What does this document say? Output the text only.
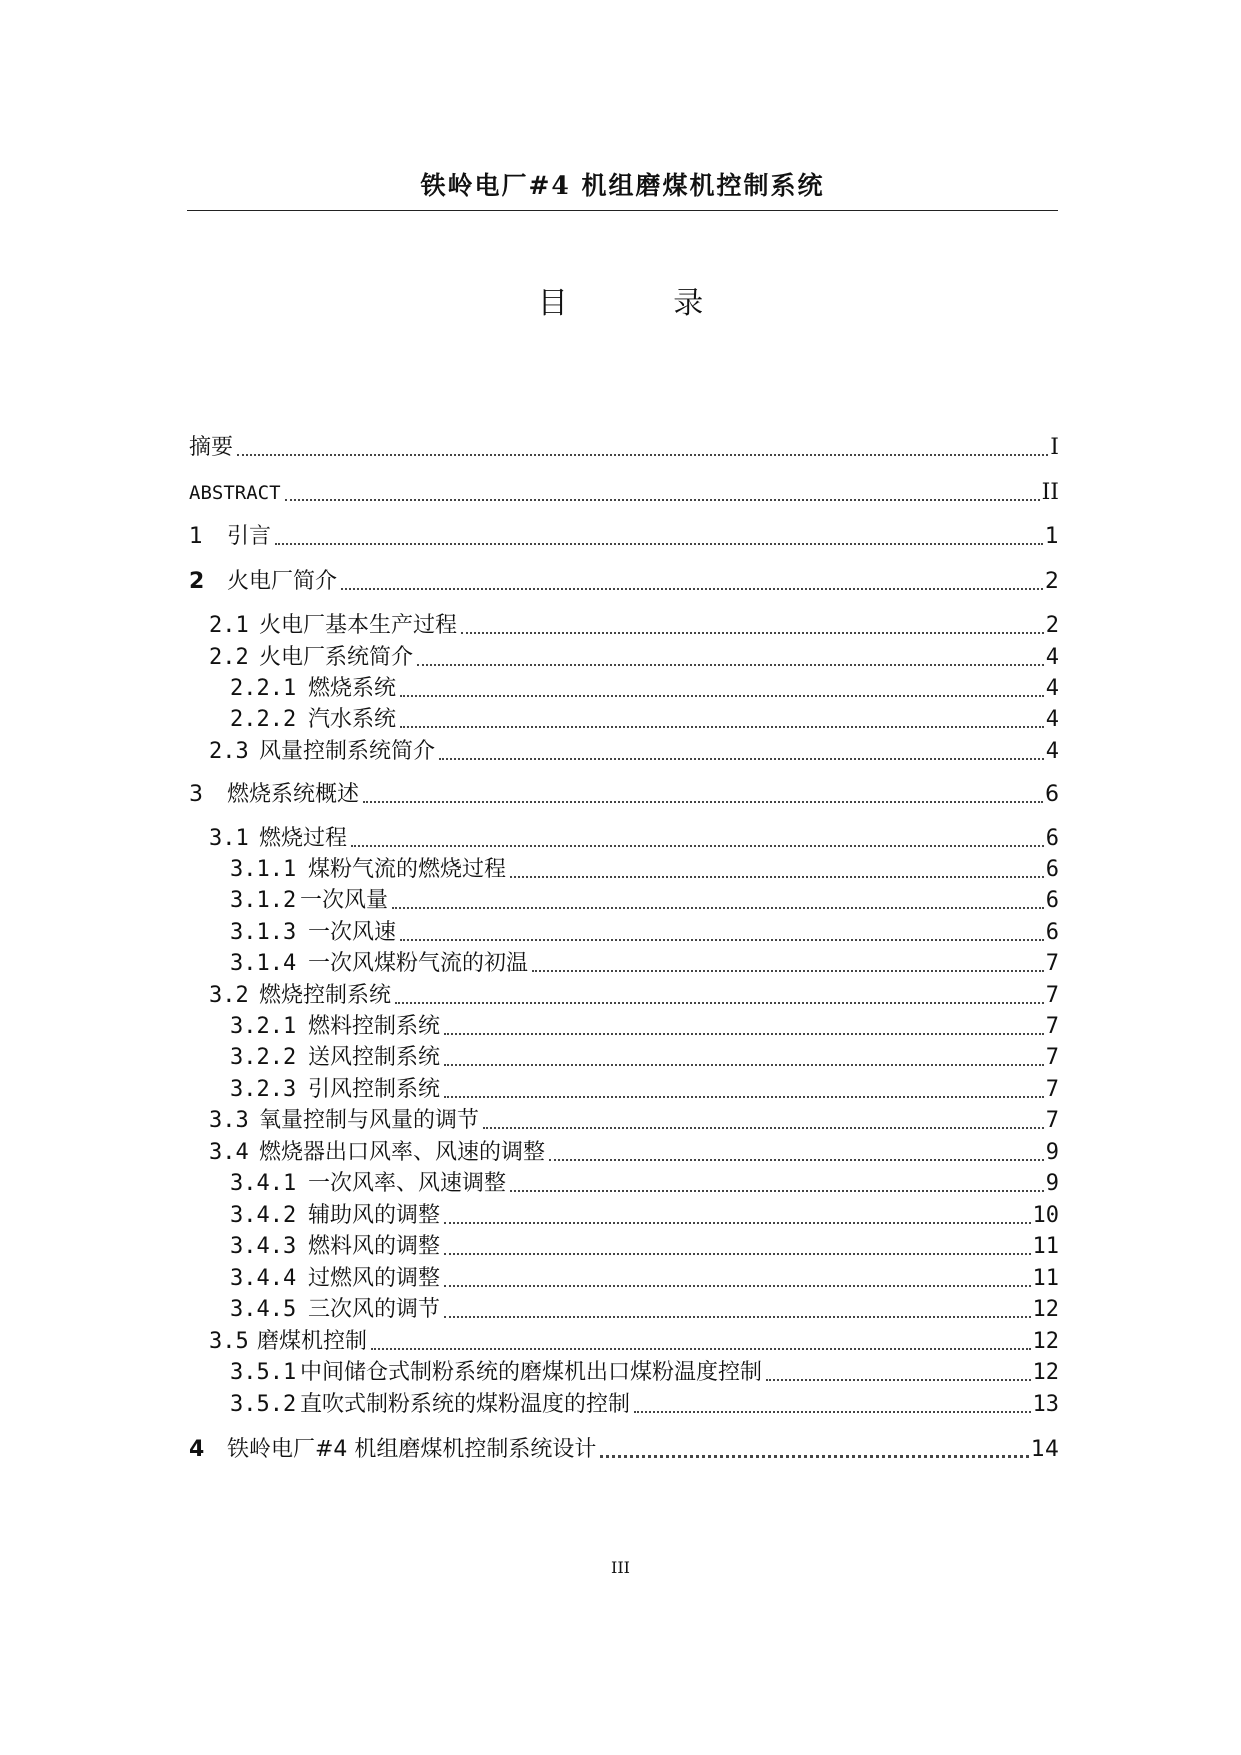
铁岭电厂#4 机组磨煤机控制系统
目 录
摘要	I
ABSTRACT	II
1	引言	1
2	火电厂简介	2
2.1 火电厂基本生产过程	2
2.2 火电厂系统简介	4
2.2.1 燃烧系统	4
2.2.2 汽水系统	4
2.3 风量控制系统简介	4
3	燃烧系统概述	6
3.1 燃烧过程	6
3.1.1 煤粉气流的燃烧过程	6
3.1.2 一次风量	6
3.1.3 一次风速	6
3.1.4 一次风煤粉气流的初温	7
3.2 燃烧控制系统	7
3.2.1 燃料控制系统	7
3.2.2 送风控制系统	7
3.2.3 引风控制系统	7
3.3 氧量控制与风量的调节	7
3.4 燃烧器出口风率、风速的调整	9
3.4.1 一次风率、风速调整	9
3.4.2 辅助风的调整	10
3.4.3 燃料风的调整	11
3.4.4 过燃风的调整	11
3.4.5 三次风的调节	12
3.5 磨煤机控制	12
3.5.1 中间储仓式制粉系统的磨煤机出口煤粉温度控制	12
3.5.2 直吹式制粉系统的煤粉温度的控制	13
4	铁岭电厂#4 机组磨煤机控制系统设计	14
III
